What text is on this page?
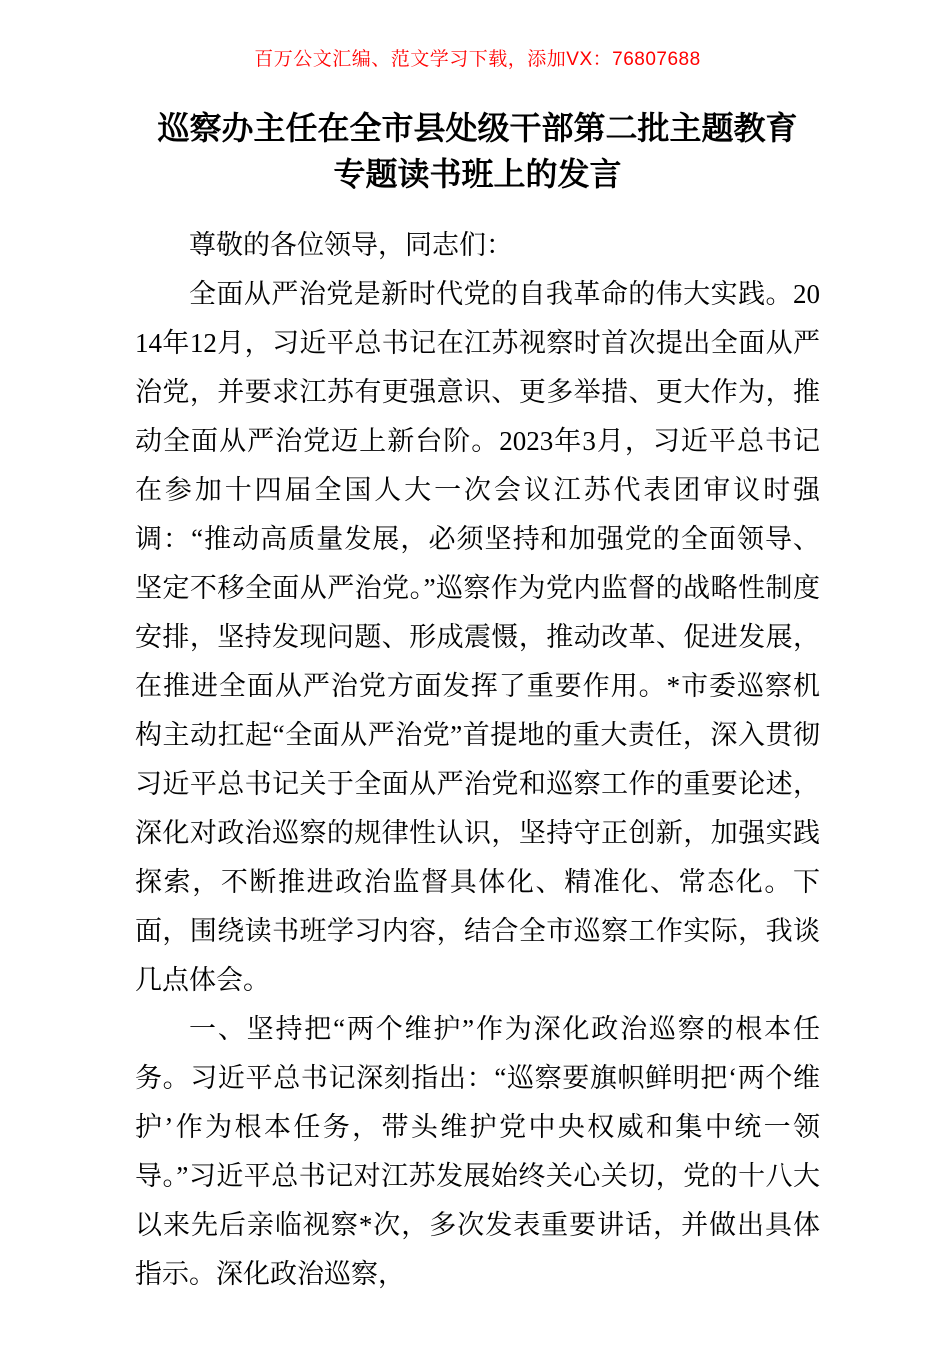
百万公文汇编、范文学习下载，添加VX：76807688
巡察办主任在全市县处级干部第二批主题教育
专题读书班上的发言

尊敬的各位领导，同志们：

全面从严治党是新时代党的自我革命的伟大实践。2014年12月，习近平总书记在江苏视察时首次提出全面从严治党，并要求江苏有更强意识、更多举措、更大作为，推动全面从严治党迈上新台阶。2023年3月，习近平总书记在参加十四届全国人大一次会议江苏代表团审议时强调：“推动高质量发展，必须坚持和加强党的全面领导、坚定不移全面从严治党。”巡察作为党内监督的战略性制度安排，坚持发现问题、形成震慑，推动改革、促进发展，在推进全面从严治党方面发挥了重要作用。*市委巡察机构主动扛起“全面从严治党”首提地的重大责任，深入贯彻习近平总书记关于全面从严治党和巡察工作的重要论述，深化对政治巡察的规律性认识，坚持守正创新，加强实践探索，不断推进政治监督具体化、精准化、常态化。下面，围绕读书班学习内容，结合全市巡察工作实际，我谈几点体会。

一、坚持把“两个维护”作为深化政治巡察的根本任务。习近平总书记深刻指出：“巡察要旗帜鲜明把‘两个维护’作为根本任务，带头维护党中央权威和集中统一领导。”习近平总书记对江苏发展始终关心关切，党的十八大以来先后亲临视察*次，多次发表重要讲话，并做出具体指示。深化政治巡察，
